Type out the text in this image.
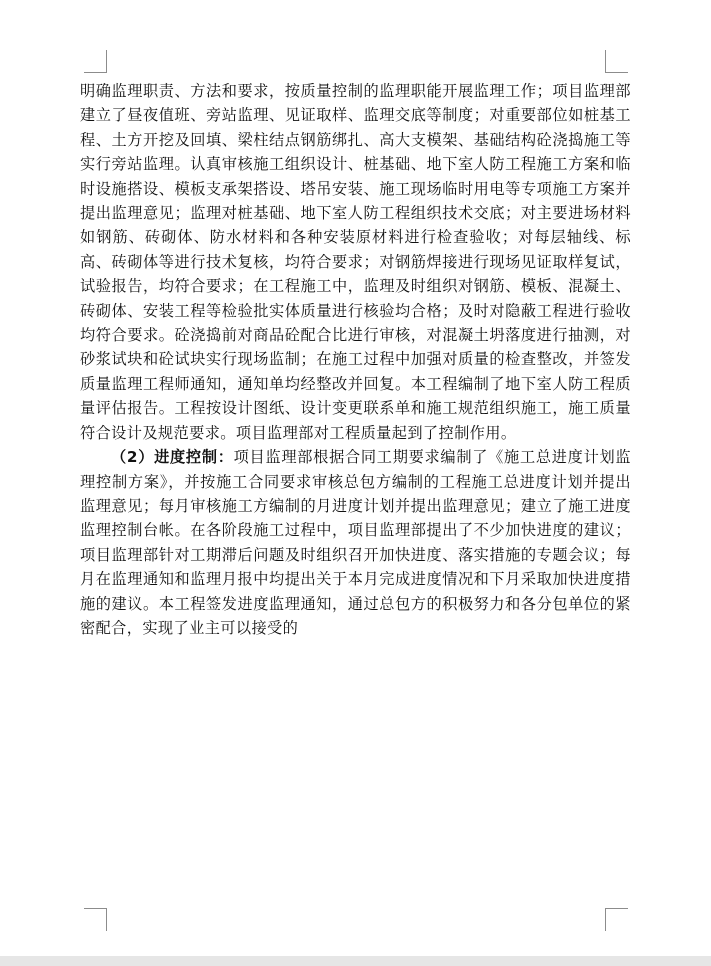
明确监理职责、方法和要求，按质量控制的监理职能开展监理工作；项目监理部建立了昼夜值班、旁站监理、见证取样、监理交底等制度；对重要部位如桩基工程、土方开挖及回填、梁柱结点钢筋绑扎、高大支模架、基础结构砼浇捣施工等实行旁站监理。认真审核施工组织设计、桩基础、地下室人防工程施工方案和临时设施搭设、模板支承架搭设、塔吊安装、施工现场临时用电等专项施工方案并提出监理意见；监理对桩基础、地下室人防工程组织技术交底；对主要进场材料如钢筋、砖砌体、防水材料和各种安装原材料进行检查验收；对每层轴线、标高、砖砌体等进行技术复核，均符合要求；对钢筋焊接进行现场见证取样复试，试验报告，均符合要求；在工程施工中，监理及时组织对钢筋、模板、混凝土、砖砌体、安装工程等检验批实体质量进行核验均合格；及时对隐蔽工程进行验收均符合要求。砼浇捣前对商品砼配合比进行审核，对混凝土坍落度进行抽测，对砂浆试块和砼试块实行现场监制；在施工过程中加强对质量的检查整改，并签发质量监理工程师通知，通知单均经整改并回复。本工程编制了地下室人防工程质量评估报告。工程按设计图纸、设计变更联系单和施工规范组织施工，施工质量符合设计及规范要求。项目监理部对工程质量起到了控制作用。

（2）进度控制：项目监理部根据合同工期要求编制了《施工总进度计划监理控制方案》，并按施工合同要求审核总包方编制的工程施工总进度计划并提出监理意见；每月审核施工方编制的月进度计划并提出监理意见；建立了施工进度监理控制台帐。在各阶段施工过程中，项目监理部提出了不少加快进度的建议；项目监理部针对工期滞后问题及时组织召开加快进度、落实措施的专题会议；每月在监理通知和监理月报中均提出关于本月完成进度情况和下月采取加快进度措施的建议。本工程签发进度监理通知，通过总包方的积极努力和各分包单位的紧密配合，实现了业主可以接受的
